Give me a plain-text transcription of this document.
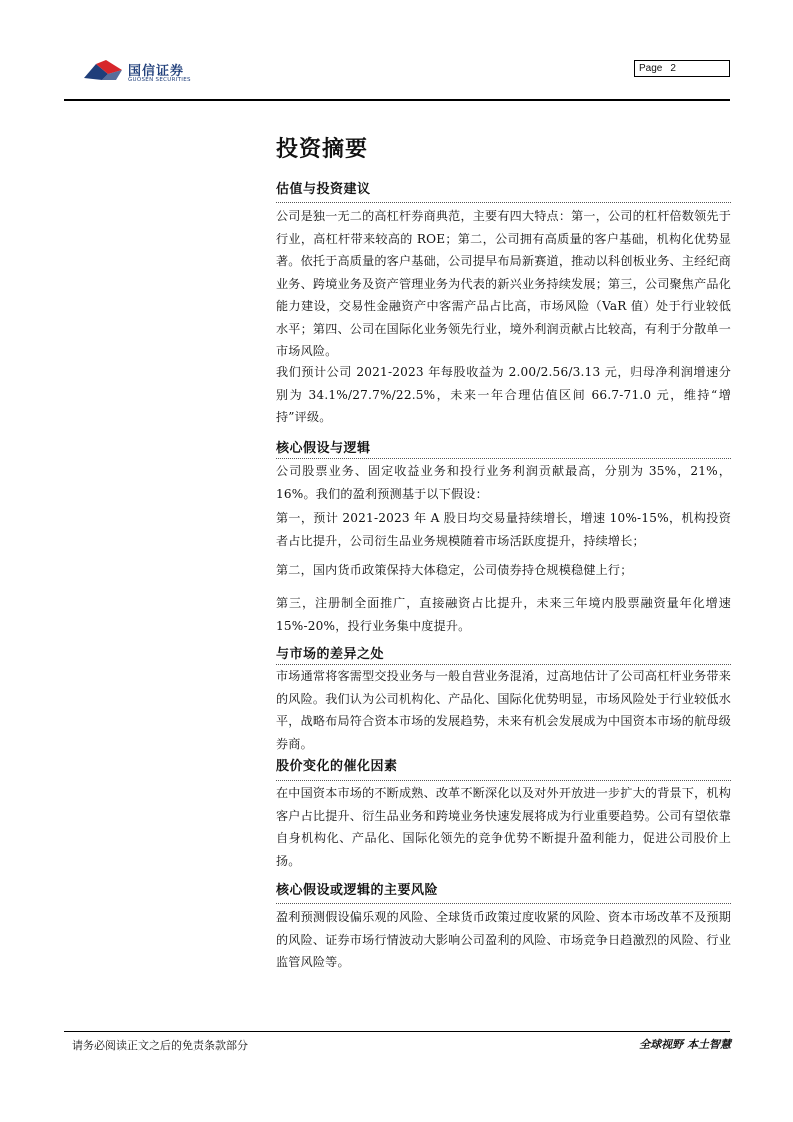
国信证券
GUOSEN SECURITIES
Page 2
投资摘要
估值与投资建议
公司是独一无二的高杠杆券商典范，主要有四大特点：第一，公司的杠杆倍数领先于行业，高杠杆带来较高的 ROE；第二，公司拥有高质量的客户基础，机构化优势显著。依托于高质量的客户基础，公司提早布局新赛道，推动以科创板业务、主经纪商业务、跨境业务及资产管理业务为代表的新兴业务持续发展；第三，公司聚焦产品化能力建设，交易性金融资产中客需产品占比高，市场风险（VaR 值）处于行业较低水平；第四、公司在国际化业务领先行业，境外利润贡献占比较高，有利于分散单一市场风险。
我们预计公司 2021-2023 年每股收益为 2.00/2.56/3.13 元，归母净利润增速分别为 34.1%/27.7%/22.5%，未来一年合理估值区间 66.7-71.0 元，维持“增持”评级。
核心假设与逻辑
公司股票业务、固定收益业务和投行业务利润贡献最高，分别为 35%，21%，16%。我们的盈利预测基于以下假设：
第一，预计 2021-2023 年 A 股日均交易量持续增长，增速 10%-15%，机构投资者占比提升，公司衍生品业务规模随着市场活跃度提升，持续增长；
第二，国内货币政策保持大体稳定，公司债券持仓规模稳健上行；
第三，注册制全面推广，直接融资占比提升，未来三年境内股票融资量年化增速 15%-20%，投行业务集中度提升。
与市场的差异之处
市场通常将客需型交投业务与一般自营业务混淆，过高地估计了公司高杠杆业务带来的风险。我们认为公司机构化、产品化、国际化优势明显，市场风险处于行业较低水平，战略布局符合资本市场的发展趋势，未来有机会发展成为中国资本市场的航母级券商。
股价变化的催化因素
在中国资本市场的不断成熟、改革不断深化以及对外开放进一步扩大的背景下，机构客户占比提升、衍生品业务和跨境业务快速发展将成为行业重要趋势。公司有望依靠自身机构化、产品化、国际化领先的竞争优势不断提升盈利能力，促进公司股价上扬。
核心假设或逻辑的主要风险
盈利预测假设偏乐观的风险、全球货币政策过度收紧的风险、资本市场改革不及预期的风险、证券市场行情波动大影响公司盈利的风险、市场竞争日趋激烈的风险、行业监管风险等。
请务必阅读正文之后的免责条款部分	全球视野 本土智慧
